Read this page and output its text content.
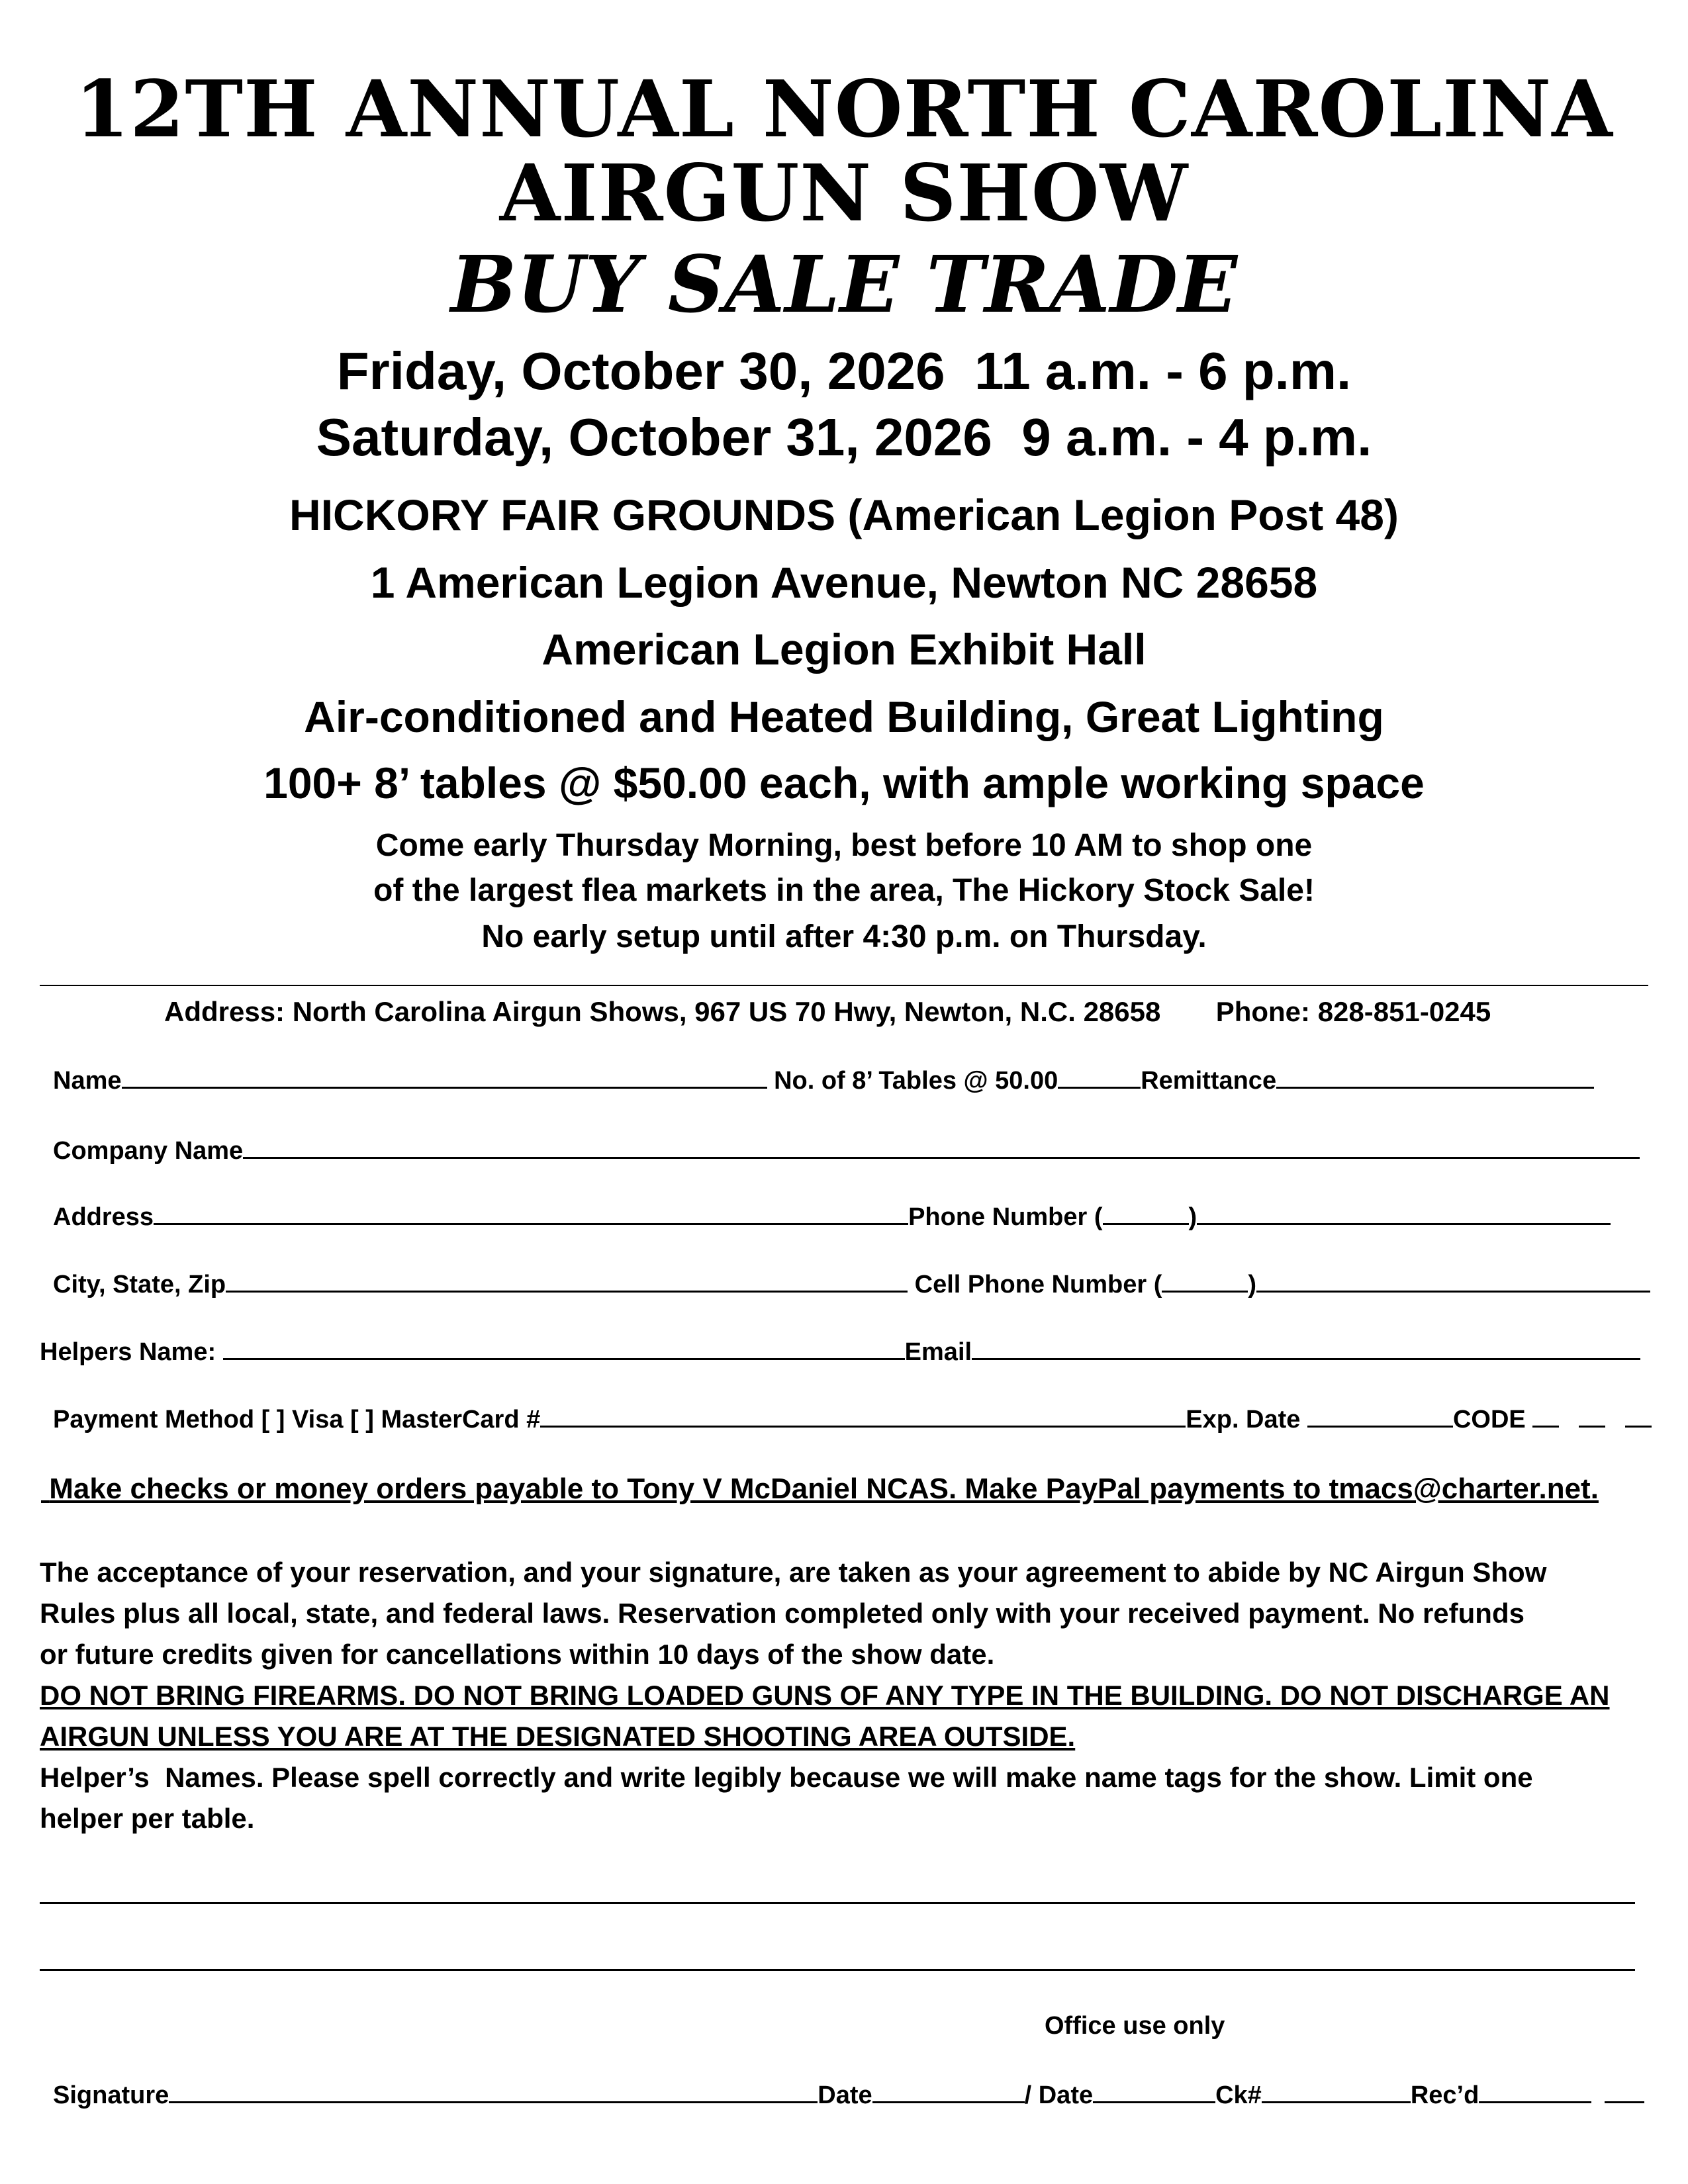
12TH ANNUAL NORTH CAROLINA
AIRGUN SHOW
BUY SALE TRADE
Friday, October 30, 2026  11 a.m. - 6 p.m.
Saturday, October 31, 2026  9 a.m. - 4 p.m.
HICKORY FAIR GROUNDS (American Legion Post 48)
1 American Legion Avenue, Newton NC 28658
American Legion Exhibit Hall
Air-conditioned and Heated Building, Great Lighting
100+ 8’ tables @ $50.00 each, with ample working space
Come early Thursday Morning, best before 10 AM to shop one
of the largest flea markets in the area, The Hickory Stock Sale!
No early setup until after 4:30 p.m. on Thursday.
Address: North Carolina Airgun Shows, 967 US 70 Hwy, Newton, N.C. 28658 Phone: 828-851-0245
Name	No. of 8’ Tables @ 50.00	Remittance
Company Name
Address	Phone Number (	)
City, State, Zip	Cell Phone Number (	)
Helpers Name:	Email
Payment Method [ ] Visa [ ] MasterCard #	Exp. Date	CODE
Make checks or money orders payable to Tony V McDaniel NCAS. Make PayPal payments to tmacs@charter.net.
The acceptance of your reservation, and your signature, are taken as your agreement to abide by NC Airgun Show
Rules plus all local, state, and federal laws. Reservation completed only with your received payment. No refunds
or future credits given for cancellations within 10 days of the show date.
DO NOT BRING FIREARMS. DO NOT BRING LOADED GUNS OF ANY TYPE IN THE BUILDING. DO NOT DISCHARGE AN
AIRGUN UNLESS YOU ARE AT THE DESIGNATED SHOOTING AREA OUTSIDE.
Helper’s  Names. Please spell correctly and write legibly because we will make name tags for the show. Limit one
helper per table.
Office use only
Signature	Date	/ Date	Ck#	Rec’d
